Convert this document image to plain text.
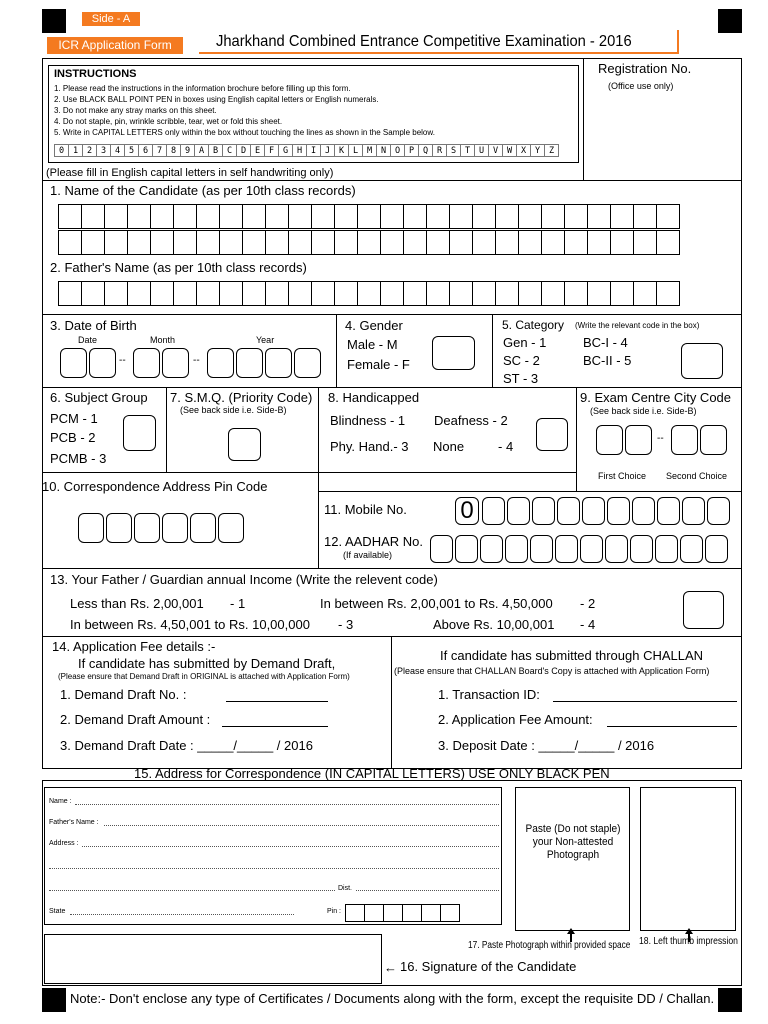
Side - A
ICR Application Form	Jharkhand Combined Entrance Competitive Examination - 2016
INSTRUCTIONS
1. Please read the instructions in the information brochure before filling up this form.
2. Use BLACK BALL POINT PEN in boxes using English capital letters or English numerals.
3. Do not make any stray marks on this sheet.
4. Do not staple, pin, wrinkle scribble, tear, wet or fold this sheet.
5. Write in CAPITAL LETTERS only within the box without touching the lines as shown in the Sample below.
0	1	2	3	4	5	6	7	8	9	A	B	C	D	E	F	G	H	I	J	K	L	M	N	O	P	Q	R	S	T	U	V	W	X	Y	Z
(Please fill in English capital letters in self handwriting only)
Registration No.
(Office use only)
1. Name of the Candidate (as per 10th class records)
2. Father's Name (as per 10th class records)
3. Date of Birth
Date	Month	Year
--	--
4. Gender
Male - M
Female - F
5. Category (Write the relevant code in the box)
Gen - 1
SC - 2
ST - 3
BC-I - 4
BC-II - 5
6. Subject Group
PCM - 1
PCB - 2
PCMB - 3
7. S.M.Q. (Priority Code)
(See back side i.e. Side-B)
8. Handicapped
Blindness - 1 Deafness - 2
Phy. Hand.- 3 None	- 4
9. Exam Centre City Code
(See back side i.e. Side-B)
--
First Choice Second Choice
10. Correspondence Address Pin Code
11. Mobile No. 0
12. AADHAR No.
(If available)
13. Your Father / Guardian annual Income (Write the relevent code)
Less than Rs. 2,00,001 - 1	In between Rs. 2,00,001 to Rs. 4,50,000 - 2
In between Rs. 4,50,001 to Rs. 10,00,000 - 3	Above Rs. 10,00,001 - 4
14. Application Fee details :-
If candidate has submitted by Demand Draft,
(Please ensure that Demand Draft in ORIGINAL is attached with Application Form)
1. Demand Draft No. :
2. Demand Draft Amount :
3. Demand Draft Date : _____/_____ / 2016
If candidate has submitted through CHALLAN
(Please ensure that CHALLAN Board's Copy is attached with Application Form)
1. Transaction ID:
2. Application Fee Amount:
3. Deposit Date : _____/_____ / 2016
15. Address for Correspondence (IN CAPITAL LETTERS) USE ONLY BLACK PEN
Name :
Father's Name :
Address :
Dist.
State	Pin :
Paste (Do not staple) your Non-attested Photograph
17. Paste Photograph within provided space 18. Left thumb impression
← 16. Signature of the Candidate
Note:- Don't enclose any type of Certificates / Documents along with the form, except the requisite DD / Challan.
